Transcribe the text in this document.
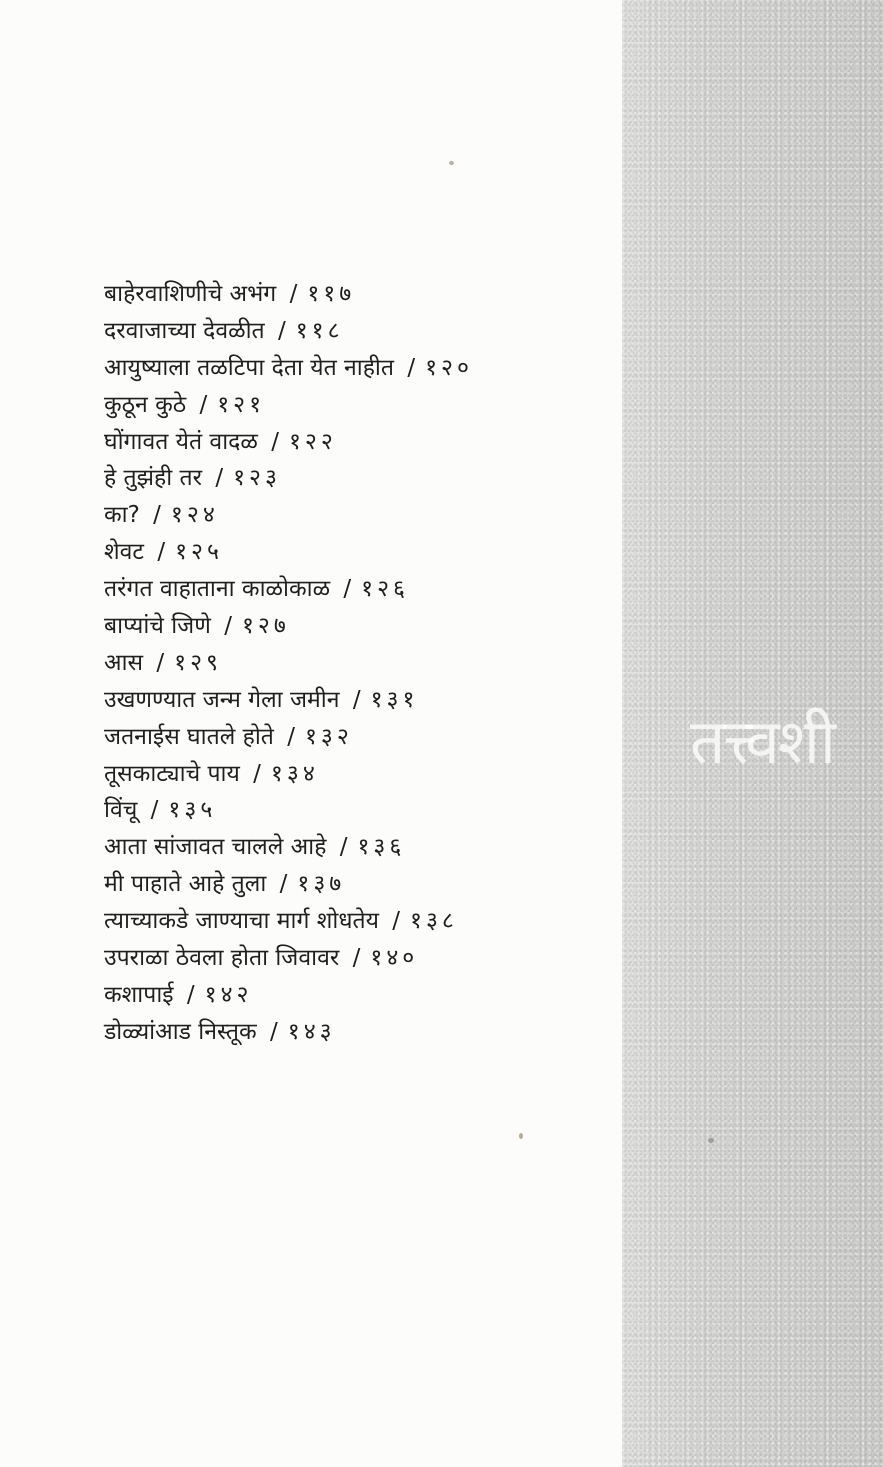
तत्त्वशी
बाहेरवाशिणीचे अभंग / ११७
दरवाजाच्या देवळीत / ११८
आयुष्याला तळटिपा देता येत नाहीत / १२०
कुठून कुठे / १२१
घोंगावत येतं वादळ / १२२
हे तुझंही तर / १२३
का? / १२४
शेवट / १२५
तरंगत वाहाताना काळोकाळ / १२६
बाप्यांचे जिणे / १२७
आस / १२९
उखणण्यात जन्म गेला जमीन / १३१
जतनाईस घातले होते / १३२
तूसकाट्याचे पाय / १३४
विंचू / १३५
आता सांजावत चालले आहे / १३६
मी पाहाते आहे तुला / १३७
त्याच्याकडे जाण्याचा मार्ग शोधतेय / १३८
उपराळा ठेवला होता जिवावर / १४०
कशापाई / १४२
डोळ्यांआड निस्तूक / १४३
